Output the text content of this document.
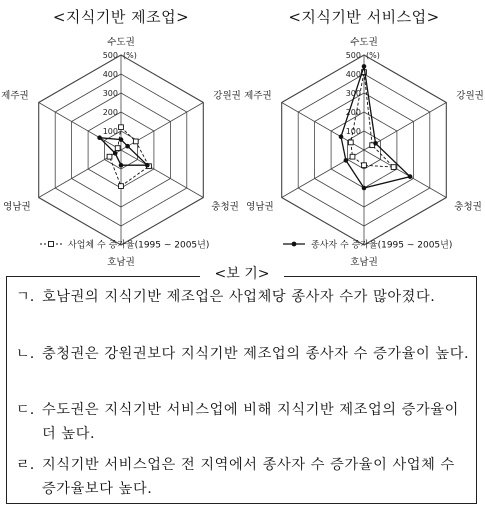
<지식기반 제조업>
100
200
300
400
500 (%)
수도권
강원권
충청권
호남권
영남권
제주권
사업체 수 증가율(1995 ~ 2005년)
<지식기반 서비스업>
100
200
300
400
500 (%)
수도권
강원권
충청권
호남권
영남권
제주권
종사자 수 증가율(1995 ~ 2005년)
<보 기>
ㄱ. 호남권의 지식기반 제조업은 사업체당 종사자 수가 많아졌다.
ㄴ. 충청권은 강원권보다 지식기반 제조업의 종사자 수 증가율이 높다.
ㄷ. 수도권은 지식기반 서비스업에 비해 지식기반 제조업의 증가율이 더 높다.
ㄹ. 지식기반 서비스업은 전 지역에서 종사자 수 증가율이 사업체 수 증가율보다 높다.
